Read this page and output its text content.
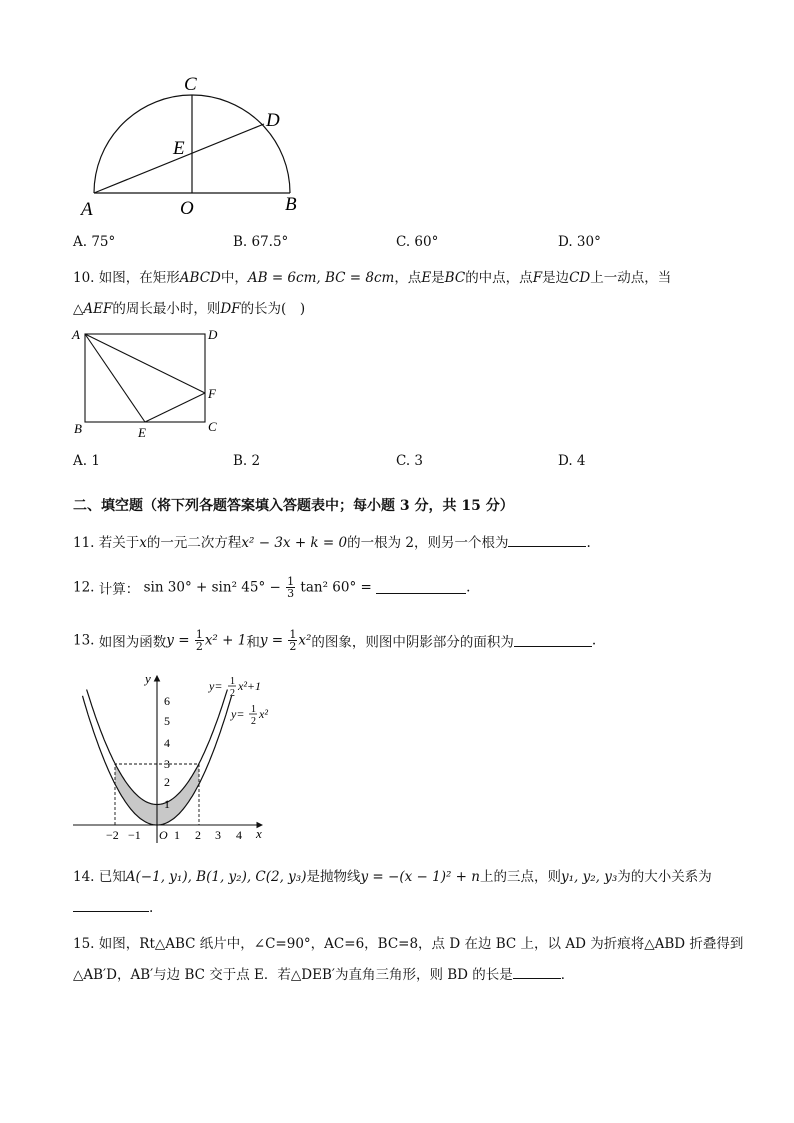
C
D
E
A	O	B
A. 75°	B. 67.5°	C. 60°	D. 30°
10. 如图，在矩形ABCD中，AB = 6cm, BC = 8cm，点E是BC的中点，点F是边CD上一动点，当
△AEF的周长最小时，则DF的长为(　)
A	D
F
B	E	C
A. 1	B. 2	C. 3	D. 4
二、填空题（将下列各题答案填入答题表中；每小题 3 分，共 15 分）
11. 若关于x的一元二次方程x² − 3x + k = 0的一根为 2，则另一个根为	.
12. 计算： sin 30° + sin² $45^\circ - \frac{1}{3} \tan^2$ 60° =	.
13. 如图为函数$y = \frac{1}{2} x^2 + 1$和$y = \frac{1}{2} x^2$的图象，则图中阴影部分的面积为	.
y
x
O
1
2
3
4
5
6
−2 −1	1 2 3 4
y= 1
2
x²+1
y= 1
2
x²
14. 已知A(−1, y₁), B(1, y₂), C(2, y₃)是抛物线y = −(x − 1)² + n上的三点，则y₁, y₂, y₃为的大小关系为
.
15. 如图，Rt△ABC 纸片中，∠C=90°，AC=6，BC=8，点 D 在边 BC 上，以 AD 为折痕将△ABD 折叠得到
△AB′D，AB′与边 BC 交于点 E．若△DEB′为直角三角形，则 BD 的长是	．
